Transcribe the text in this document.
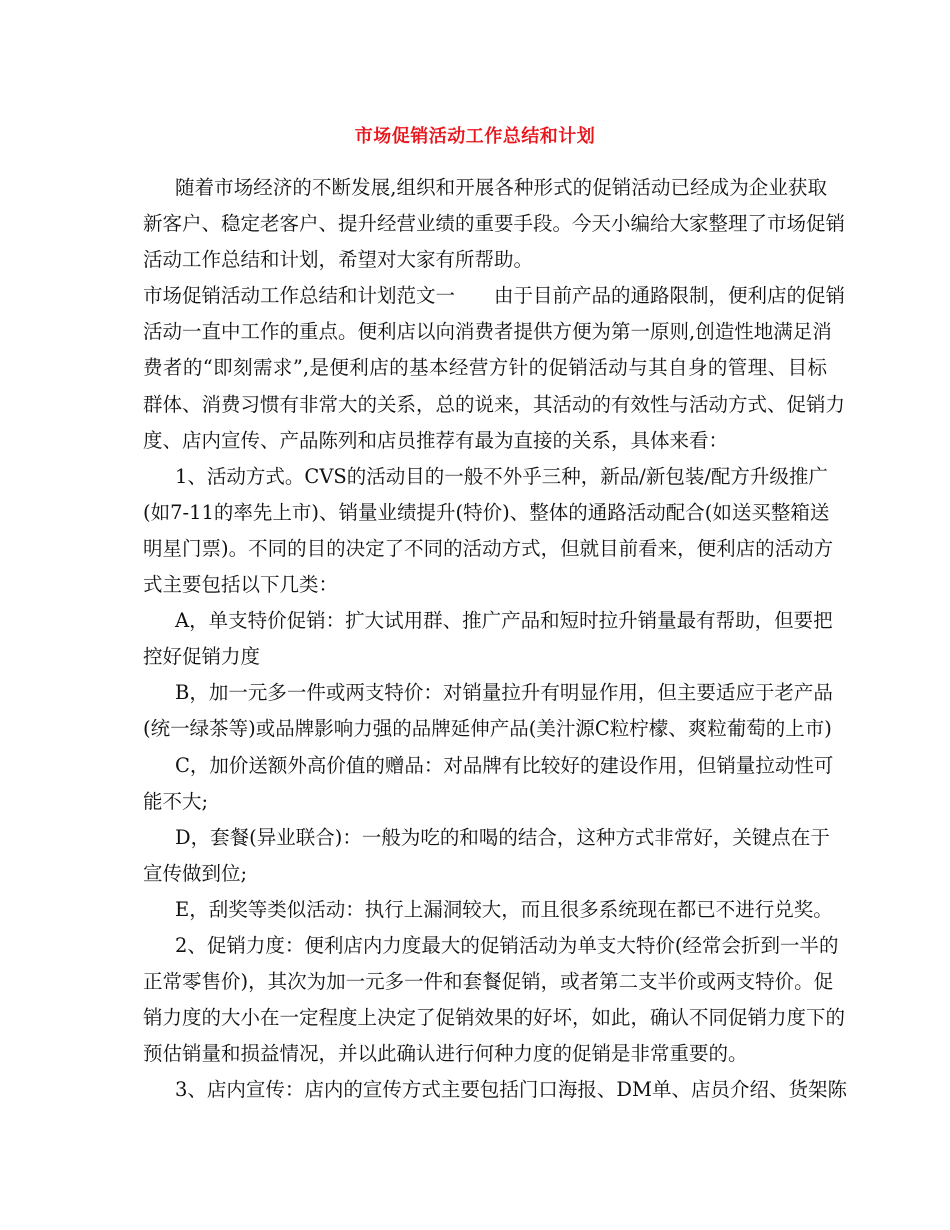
市场促销活动工作总结和计划
随着市场经济的不断发展,组织和开展各种形式的促销活动已经成为企业获取
新客户、稳定老客户、提升经营业绩的重要手段。今天小编给大家整理了市场促销
活动工作总结和计划，希望对大家有所帮助。
市场促销活动工作总结和计划范文一　　由于目前产品的通路限制，便利店的促销
活动一直中工作的重点。便利店以向消费者提供方便为第一原则,创造性地满足消
费者的“即刻需求”,是便利店的基本经营方针的促销活动与其自身的管理、目标
群体、消费习惯有非常大的关系，总的说来，其活动的有效性与活动方式、促销力
度、店内宣传、产品陈列和店员推荐有最为直接的关系，具体来看：
1、活动方式。CVS的活动目的一般不外乎三种，新品/新包装/配方升级推广
(如7-11的率先上市)、销量业绩提升(特价)、整体的通路活动配合(如送买整箱送
明星门票)。不同的目的决定了不同的活动方式，但就目前看来，便利店的活动方
式主要包括以下几类：
A，单支特价促销：扩大试用群、推广产品和短时拉升销量最有帮助，但要把
控好促销力度
B，加一元多一件或两支特价：对销量拉升有明显作用，但主要适应于老产品
(统一绿茶等)或品牌影响力强的品牌延伸产品(美汁源C粒柠檬、爽粒葡萄的上市)
C，加价送额外高价值的赠品：对品牌有比较好的建设作用，但销量拉动性可
能不大;
D，套餐(异业联合)：一般为吃的和喝的结合，这种方式非常好，关键点在于
宣传做到位;
E，刮奖等类似活动：执行上漏洞较大，而且很多系统现在都已不进行兑奖。
2、促销力度：便利店内力度最大的促销活动为单支大特价(经常会折到一半的
正常零售价)，其次为加一元多一件和套餐促销，或者第二支半价或两支特价。促
销力度的大小在一定程度上决定了促销效果的好坏，如此，确认不同促销力度下的
预估销量和损益情况，并以此确认进行何种力度的促销是非常重要的。
3、店内宣传：店内的宣传方式主要包括门口海报、DM单、店员介绍、货架陈
